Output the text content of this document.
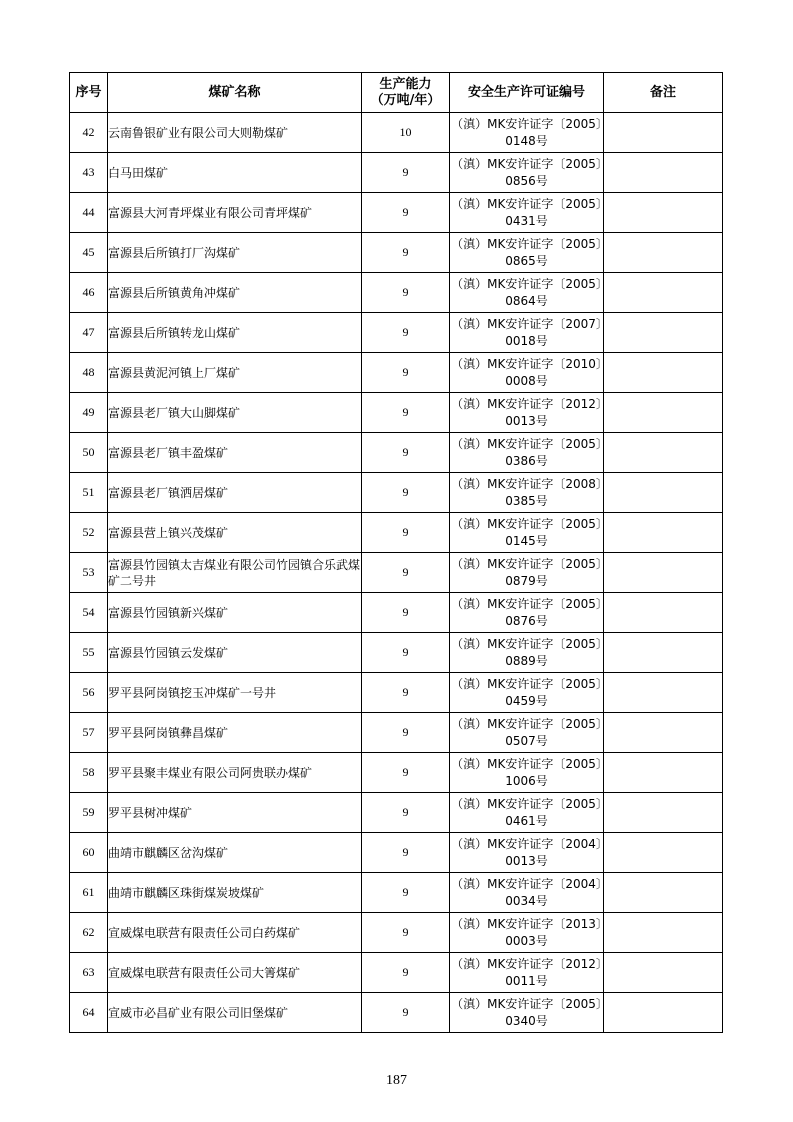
序号	煤矿名称	生产能力（万吨/年）	安全生产许可证编号	备注
42	云南鲁银矿业有限公司大则勒煤矿	10	（滇）MK安许证字〔2005〕0148号	
43	白马田煤矿	9	（滇）MK安许证字〔2005〕0856号	
44	富源县大河青坪煤业有限公司青坪煤矿	9	（滇）MK安许证字〔2005〕0431号	
45	富源县后所镇打厂沟煤矿	9	（滇）MK安许证字〔2005〕0865号	
46	富源县后所镇黄角冲煤矿	9	（滇）MK安许证字〔2005〕0864号	
47	富源县后所镇转龙山煤矿	9	（滇）MK安许证字〔2007〕0018号	
48	富源县黄泥河镇上厂煤矿	9	（滇）MK安许证字〔2010〕0008号	
49	富源县老厂镇大山脚煤矿	9	（滇）MK安许证字〔2012〕0013号	
50	富源县老厂镇丰盈煤矿	9	（滇）MK安许证字〔2005〕0386号	
51	富源县老厂镇洒居煤矿	9	（滇）MK安许证字〔2008〕0385号	
52	富源县营上镇兴茂煤矿	9	（滇）MK安许证字〔2005〕0145号	
53	富源县竹园镇太吉煤业有限公司竹园镇合乐武煤矿二号井	9	（滇）MK安许证字〔2005〕0879号	
54	富源县竹园镇新兴煤矿	9	（滇）MK安许证字〔2005〕0876号	
55	富源县竹园镇云发煤矿	9	（滇）MK安许证字〔2005〕0889号	
56	罗平县阿岗镇挖玉冲煤矿一号井	9	（滇）MK安许证字〔2005〕0459号	
57	罗平县阿岗镇彝昌煤矿	9	（滇）MK安许证字〔2005〕0507号	
58	罗平县聚丰煤业有限公司阿贵联办煤矿	9	（滇）MK安许证字〔2005〕1006号	
59	罗平县树冲煤矿	9	（滇）MK安许证字〔2005〕0461号	
60	曲靖市麒麟区岔沟煤矿	9	（滇）MK安许证字〔2004〕0013号	
61	曲靖市麒麟区珠街煤炭坡煤矿	9	（滇）MK安许证字〔2004〕0034号	
62	宣威煤电联营有限责任公司白药煤矿	9	（滇）MK安许证字〔2013〕0003号	
63	宣威煤电联营有限责任公司大箐煤矿	9	（滇）MK安许证字〔2012〕0011号	
64	宣威市必昌矿业有限公司旧堡煤矿	9	（滇）MK安许证字〔2005〕0340号	
187
